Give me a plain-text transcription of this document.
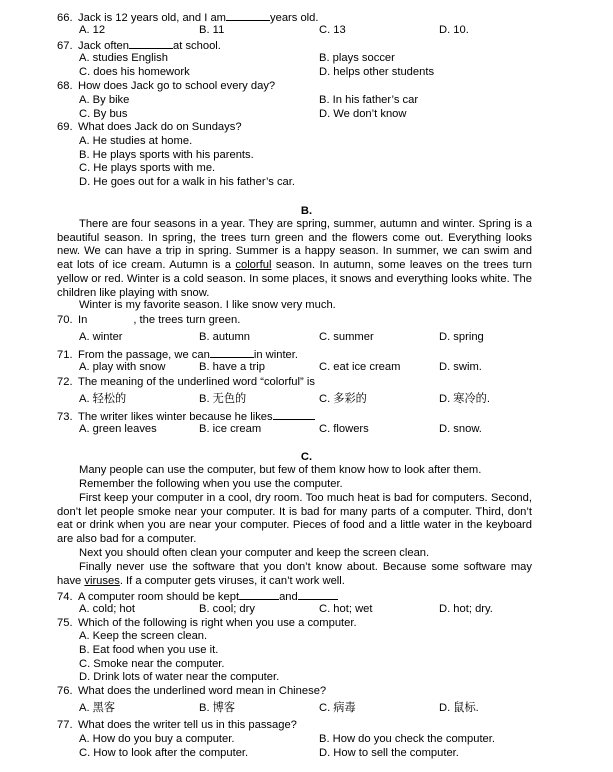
66. Jack is 12 years old, and I am	years old.
A. 12	B. 11	C. 13	D. 10.
67. Jack often	at school.
A. studies English	B. plays soccer
C. does his homework	D. helps other students
68. How does Jack go to school every day?
A. By bike	B. In his father’s car
C. By bus	D. We don’t know
69. What does Jack do on Sundays?
A. He studies at home.
B. He plays sports with his parents.
C. He plays sports with me.
D. He goes out for a walk in his father’s car.
B.
There are four seasons in a year. They are spring, summer, autumn and winter. Spring is a beautiful season. In spring, the trees turn green and the flowers come out. Everything looks new. We can have a trip in spring. Summer is a happy season. In summer, we can swim and eat lots of ice cream. Autumn is a colorful season. In autumn, some leaves on the trees turn yellow or red. Winter is a cold season. In some places, it snows and everything looks white. The children like playing with snow.
Winter is my favorite season. I like snow very much.
70. In	, the trees turn green.
A. winter	B. autumn	C. summer	D. spring
71. From the passage, we can	in winter.
A. play with snow	B. have a trip	C. eat ice cream	D. swim.
72. The meaning of the underlined word “colorful” is
A. 轻松的	B. 无色的	C. 多彩的	D. 寒冷的.
73. The writer likes winter because he likes
A. green leaves	B. ice cream	C. flowers	D. snow.
C.
Many people can use the computer, but few of them know how to look after them.
Remember the following when you use the computer.
First keep your computer in a cool, dry room. Too much heat is bad for computers. Second, don’t let people smoke near your computer. It is bad for many parts of a computer. Third, don’t eat or drink when you are near your computer. Pieces of food and a little water in the keyboard are also bad for a computer.
Next you should often clean your computer and keep the screen clean.
Finally never use the software that you don’t know about. Because some software may have viruses. If a computer gets viruses, it can’t work well.
74. A computer room should be kept	and
A. cold; hot	B. cool; dry	C. hot; wet	D. hot; dry.
75. Which of the following is right when you use a computer.
A. Keep the screen clean.
B. Eat food when you use it.
C. Smoke near the computer.
D. Drink lots of water near the computer.
76. What does the underlined word mean in Chinese?
A. 黑客	B. 博客	C. 病毒	D. 鼠标.
77. What does the writer tell us in this passage?
A. How do you buy a computer.	B. How do you check the computer.
C. How to look after the computer.	D. How to sell the computer.
